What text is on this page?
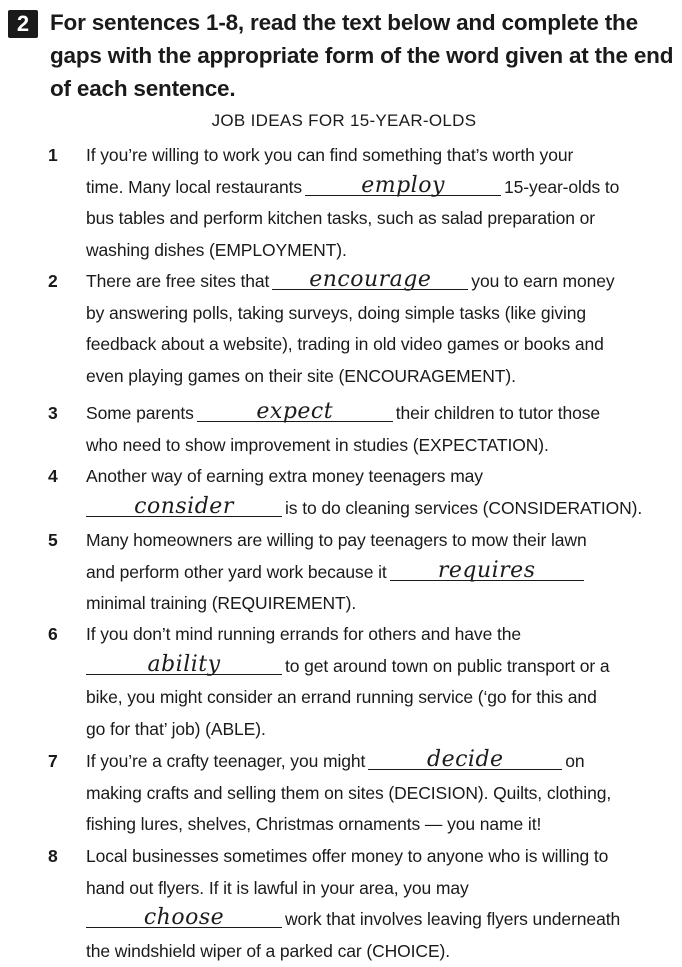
2 For sentences 1-8, read the text below and complete the gaps with the appropriate form of the word given at the end of each sentence.

JOB IDEAS FOR 15-YEAR-OLDS

1 If you’re willing to work you can find something that’s worth your
time. Many local restaurants	employ	15-year-olds to
bus tables and perform kitchen tasks, such as salad preparation or
washing dishes (EMPLOYMENT).
2 There are free sites that	encourage	you to earn money
by answering polls, taking surveys, doing simple tasks (like giving
feedback about a website), trading in old video games or books and
even playing games on their site (ENCOURAGEMENT).
3 Some parents	expect	their children to tutor those
who need to show improvement in studies (EXPECTATION).
4 Another way of earning extra money teenagers may
consider	is to do cleaning services (CONSIDERATION).
5 Many homeowners are willing to pay teenagers to mow their lawn
and perform other yard work because it	requires
minimal training (REQUIREMENT).
6 If you don’t mind running errands for others and have the
ability	to get around town on public transport or a
bike, you might consider an errand running service (‘go for this and
go for that’ job) (ABLE).
7 If you’re a crafty teenager, you might	decide	on
making crafts and selling them on sites (DECISION). Quilts, clothing,
fishing lures, shelves, Christmas ornaments — you name it!
8 Local businesses sometimes offer money to anyone who is willing to
hand out flyers. If it is lawful in your area, you may
choose	work that involves leaving flyers underneath
the windshield wiper of a parked car (CHOICE).
